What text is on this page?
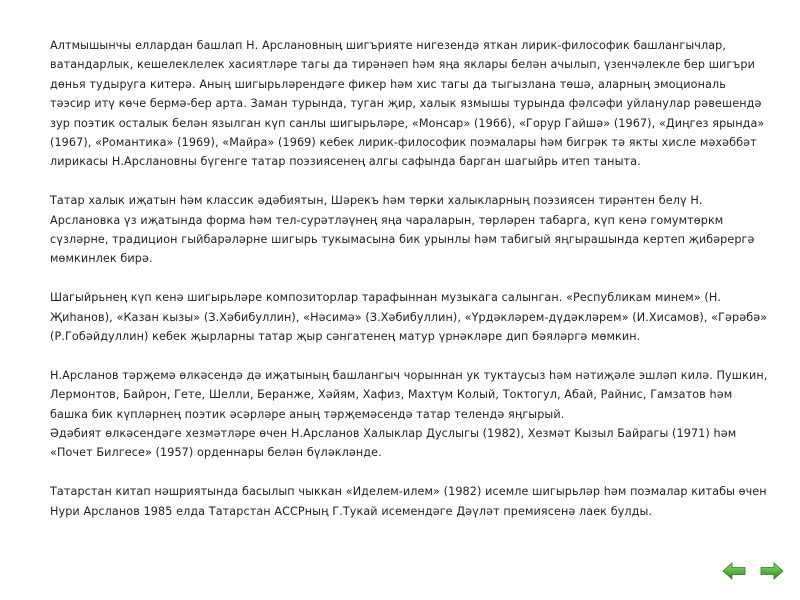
Алтмышынчы еллардан башлап Н. Арслановның шигъриятe нигезендә яткан лирик-философик башлангычлар, ватандарлык, кешелеклелек хасиятләре тагы да тирәнәеп һәм яңа яклары белән ачылып, үзенчәлекле бер шигъри дөнья тудыруга китерә. Аның шигырьләрендәге фикер һәм хис тагы да тыгызлана төшә, аларның эмоциональ тәэсир итү көче бермә-бер арта. Заман турында, туган җир, халык язмышы турында фәлсәфи уйланулар рәвешендә зур поэтик осталык белән язылган күп санлы шигырьләре, «Монсар» (1966), «Горур Гайшә» (1967), «Диңгез ярында» (1967), «Романтика» (1969), «Майра» (1969) кебек лирик-философик поэмалары һәм бигрәк тә якты хисле мәхәббәт лирикасы Н.Арслановны бүгенге татар поэзиясенең алгы сафында барган шагыйрь итеп таныта.

Татар халык иҗатын һәм классик әдәбиятын, Шәрекъ һәм төрки халыкларның поэзиясен тирәнтен белү Н. Арслановка үз иҗатында форма һәм тел-сурәтләүнең яңа чараларын, төрләрен табарга, күп кенә гомумтөркм сүзләрне, традицион гыйбарәләрне шигырь тукымасына бик урынлы һәм табигый яңгырашында кертеп җибәрергә мөмкинлек бирә.

Шагыйрьнең күп кенә шигырьләре композиторлар тарафыннан музыкага салынган. «Республикам минем» (Н. Җиһанов), «Казан кызы» (З.Хәбибуллин), «Нәсимә» (З.Хәбибуллин), «Үрдәкләрем-дүдәкләрем» (И.Хисамов), «Гәрәбә» (Р.Гобәйдуллин) кебек җырларны татар җыр сәнгатенең матур үрнәкләре дип бәяләргә мөмкин.

Н.Арсланов тәрҗемә өлкәсендә дә иҗатының башлангыч чорыннан ук туктаусыз һәм нәтиҗәле эшләп килә. Пушкин, Лермонтов, Байрон, Гете, Шелли, Беранже, Хәйям, Хафиз, Махтүм Колый, Токтогул, Абай, Райнис, Гамзатов һәм башка бик күпләрнең поэтик әсәрләре аның тәрҗемәсендә татар телендә яңгырый.

Әдәбият өлкәсендәге хезмәтләре өчен Н.Арсланов Халыклар Дуслыгы (1982), Хезмәт Кызыл Байрагы (1971) һәм «Почет Билгесе» (1957) орденнары белән бүләкләнде.

Татарстан китап нәшриятында басылып чыккан «Иделем-илем» (1982) исемле шигырьләр һәм поэмалар китабы өчен Нури Арсланов 1985 елда Татарстан АССРның Г.Тукай исемендәге Дәүләт премиясенә лаек булды.
